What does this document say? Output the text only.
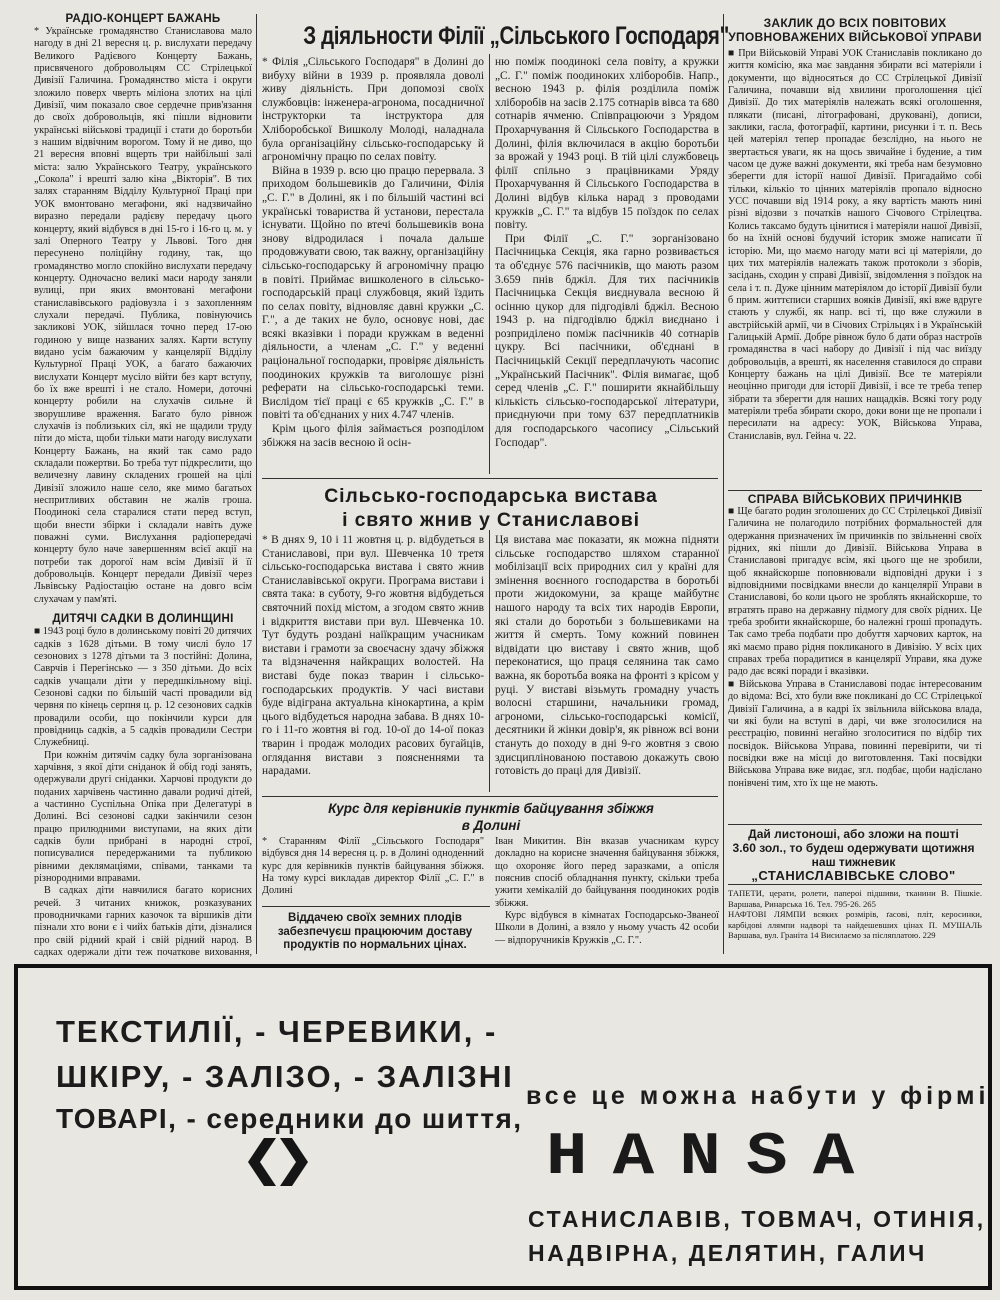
РАДІО-КОНЦЕРТ БАЖАНЬ

* Українське громадянство Станиславова мало нагоду в дні 21 вересня ц. р. вислухати передачу Великого Радієвого Концерту Бажань, присвяченого добровольцям СС Стрілецької Дивізії Галичина. Громадянство міста і округи зложило поверх чверть міліона злотих на цілі Дивізії, чим показало свое сердечне прив'язання до своїх добровольців, які пішли відновити українські військові традиції і стати до боротьби з нашим відвічним ворогом. Тому й не диво, що 21 вересня вповні вщерть три найбільші залі міста: залю Українського Театру, українського „Сокола" і врешті залю кіна „Вікторія". В тих залях старанням Відділу Культурної Праці при УОК вмонтовано мегафони, які надзвичайно виразно передали радієву передачу цього концерту, який відбувся в дні 15-го і 16-го ц. м. у залі Оперного Театру у Львові. Того дня пересунено поліційну годину, так, що громадянство могло спокійно вислухати передачу концерту. Одночасно великі маси народу заняли вулиці, при яких вмонтовані мегафони станиславівського радіовузла і з захопленням слухали передачі. Публика, повінуючись закликові УОК, зійшлася точно перед 17-ою годиною у вище названих залях. Карти вступу видано усім бажаючим у канцелярії Відділу Культурної Праці УОК, а багато бажаючих вислухати Концерт мусіло війти без карт вступу, бо їх вже врешті і не стало. Номери, доточні концерту робили на слухачів сильне й зворушливе враження. Багато було рівнож слухачів із поблизьких сіл, які не щадили труду піти до міста, щоби тільки мати нагоду вислухати Концерту Бажань, на який так само радо складали пожертви. Бо треба тут підкреслити, що величезну лавину складених грошей на цілі Дивізії зложило наше село, яке мимо багатьох неспритливих обставин не жалів гроша. Поодинокі села старалися стати перед вступ, щоби внести збірки і складали навіть дуже поважні суми. Вислухання радіопередачі концерту було наче завершенням всієї акції на потреби так дорогої нам всім Дивізії й її добровольців. Концерт передали Дивізії через Львівську Радіостацію остане на довго всім слухачам у пам'яті.

ДИТЯЧІ САДКИ В ДОЛИНЩИНІ

■ 1943 році було в долинському повіті 20 дитячих садків з 1628 дітьми. В тому числі було 17 сезонових з 1278 дітьми та 3 постійні: Долина, Саврчів і Перегінсько — з 350 дітьми. До всіх садків учащали діти у передшкільному віці. Сезонові садки по більшій часті провадили від червня по кінець серпня ц. р. 12 сезонових садків провадили особи, що покінчили курси для провідниць садків, а 5 садків провадили Сестри Служебниці.

При кожнім дитячім садку була зорганізована харчівня, з якої діти сніданок й обід годі занять, одержували другі сніданки. Харчові продукти до поданих харчівень частинно давали родичі дітей, а частинно Суспільна Опіка при Делегатурі в Долині. Всі сезонові садки закінчили сезон працю прилюдними виступами, на яких діти садків були прибрані в народні строї, пописувалися передержаними та публикою рівними деклямаціями, співами, танками та різнородними вправами.

В садках діти навчилися багато корисних речей. З читаних книжок, розказуваних проводничками гарних казочок та віршиків діти пізнали хто вони є і чийх батьків діти, дізналися про свій рідний край і свій рідний народ. В садках одержали діти теж початкове виховання,

З діяльности Філії „Сільського Господаря"

* Філія „Сільського Господаря" в Долині до вибуху війни в 1939 р. проявляла доволі живу діяльність. При допомозі своїх службовців: інженера-агронома, посадничної інструкторки та інструктора для Хліборобської Вишколу Молоді, наладнала була організаційну сільсько-господарську й агрономічну працю по селах повіту.

Війна в 1939 р. всю цю працю перервала. З приходом большевиків до Галичини, Філія „С. Г." в Долині, як і по більшій частині всі українські товариства й установи, перестала існувати. Щойно по втечі большевиків вона знову відродилася і почала дальше продовжувати свою, так важну, організаційну сільсько-господарську й агрономічну працю в повіті. Приймає вишколеного в сільсько-господарській праці службовця, який їздить по селах повіту, відновляє давні кружки „С. Г.", а де таких не було, основує нові, дає всякі вказівки і поради кружкам в веденні діяльности, а членам „С. Г." у веденні раціональної господарки, провіряє діяльність поодиноких кружків та виголошує різні реферати на сільсько-господарські теми. Вислідом тієї праці є 65 кружків „С. Г." в повіті та об'єднаних у них 4.747 членів.

Крім цього філія займається розподілом збіжжя на засів весною й осін-

ню поміж поодинокі села повіту, а кружки „С. Г." поміж поодиноких хліборобів. Напр., весною 1943 р. філія розділила поміж хліборобів на засів 2.175 сотнарів вівса та 680 сотнарів ячменю. Співпрацюючи з Урядом Прохарчування й Сільського Господарства в Долині, філія включилася в акцію боротьби за врожай у 1943 році. В тій цілі службовець філії спільно з працівниками Уряду Прохарчування й Сільського Господарства в Долині відбув кілька нарад з проводами кружків „С. Г." та відбув 15 поїздок по селах повіту.

При Філії „С. Г." зорганізовано Пасічницька Секція, яка гарно розвивається та об'єднує 576 пасічників, що мають разом 3.659 пнів бджіл. Для тих пасічників Пасічницька Секція виєднувала весною й осінню цукор для підгодівлі бджіл. Весною 1943 р. на підгодівлю бджіл виєднано і розприділено поміж пасічників 40 сотнарів цукру. Всі пасічники, об'єднані в Пасічницькій Секції передплачують часопис „Український Пасічник". Філія вимагає, щоб серед членів „С. Г." поширити якнайбільшу кількість сільсько-господарської літератури, приєднуючи при тому 637 передплатників для господарського часопису „Сільський Господар".

Сільсько-господарська вистава
і свято жнив у Станиславові

* В днях 9, 10 і 11 жовтня ц. р. відбудеться в Станиславові, при вул. Шевченка 10 третя сільсько-господарська вистава і свято жнив Станиславівської округи. Програма вистави і свята така: в суботу, 9-го жовтня відбудеться святочний похід містом, а згодом свято жнив і відкриття вистави при вул. Шевченка 10. Тут будуть роздані наіїкращим учасникам вистави і грамоти за своєчасну здачу збіжжя та відзначення найкращих волостей. На виставі буде показ тварин і сільсько-господарських продуктів. У часі вистави буде відіграна актуальна кінокартина, а крім цього відбудеться народна забава. В днях 10-го і 11-го жовтня ві год. 10-ої до 14-ої показ тварин і продаж молодих расових бугайців, оглядання вистави з поясненнями та нарадами.

Ця вистава має показати, як можна підняти сільське господарство шляхом старанної мобілізації всіх природних сил у країні для змінення воєнного господарства в боротьбі проти жидокомуни, за краще майбутнє нашого народу та всіх тих народів Европи, які стали до боротьби з большевиками на життя й смерть. Тому кожний повинен відвідати цю виставу і свято жнив, щоб переконатися, що праця селянина так само важна, як боротьба вояка на фронті з крісом у руці. У виставі візьмуть громадну участь волосні старшини, начальники громад, агрономи, сільсько-господарські комісії, десятники й жінки довір'я, як рівнож всі вони стануть до походу в дні 9-го жовтня з свою здисциплінованою поставою докажуть свою готовість до праці для Дивізії.

Курс для керівників пунктів байцування збіжжя
в Долині

* Старанням Філії „Сільського Господаря" відбувся дня 14 вересня ц. р. в Долині одноденний курс для керівників пунктів байцування збіжжя. На тому курсі викладав директор Філії „С. Г." в Долині

Іван Микитин. Він вказав учасникам курсу докладно на корисне значення байцування збіжжя, що охороняє його перед заразками, а опісля пояснив спосіб обладнання пункту, скільки треба ужити хемікалій до байцування поодиноких родів збіжжя.

Курс відбувся в кімнатах Господарсько-Званеої Школи в Долині, а взяло у ньому участь 42 особи — відпоручників Кружків „С. Г.".

Віддачею своїх земних плодів забезпечуєш працюючим доставу продуктів по нормальних цінах.

ЗАКЛИК ДО ВСІХ ПОВІТОВИХ УПОВНОВАЖЕНИХ ВІЙСЬКОВОЇ УПРАВИ

■ При Військовій Управі УОК Станиславів покликано до життя комісію, яка має завдання збирати всі матеріяли і документи, що відносяться до СС Стрілецької Дивізії Галичина, почавши від хвилини проголошення цієї Дивізії. До тих матеріялів належать всякі оголошення, плякати (писані, літографовані, друковані), дописи, заклики, гасла, фотографії, картини, рисунки і т. п. Весь цей матеріял тепер пропадає безслідно, на нього не звертається уваги, як на щось звичайне і будение, а тим часом це дуже важні документи, які треба нам безумовно зберегти для історії нашої Дивізії. Пригадаймо собі тільки, кількіо то цінних матеріялів пропало відносно УСС почавши від 1914 року, а яку вартість мають нині різні відозви з початків нашого Січового Стрілецтва. Колись таксамо будуть цінитися і матеріяли нашої Дивізії, бо на їхній основі будучий історик зможе написати її історію. Ми, що маємо нагоду мати всі ці матеріяли, до цих тих матеріялів належать також протоколи з зборів, засідань, сходин у справі Дивізії, звідомлення з поїздок на села і т. п. Дуже цінним матеріялом до історії Дивізії були б прим. життєписи старших вояків Дивізії, які вже вдруге стають у службі, як напр. всі ті, що вже служили в австрійській армії, чи в Січових Стрільцях і в Українській Галицькій Армії. Добре рівнож було б дати образ настроїв громадянства в часі набору до Дивізії і під час виїзду добровольців, а врешті, як населення ставилося до справи Концерту бажань на цілі Дивізії. Все те матеріяли неоцінно пригоди для історії Дивізії, і все те треба тепер зібрати та зберегти для наших нащадків. Всякі тогу роду матеріяли треба збирати скоро, доки вони ще не пропали і пересилати на адресу: УОК, Військова Управа, Станиславів, вул. Гейна ч. 22.

СПРАВА ВІЙСЬКОВИХ ПРИЧИНКІВ

■ Ще багато родин зголошених до СС Стрілецької Дивізії Галичина не полагодило потрібних формальностей для одержання призначених їм причинків по звільненні своїх рідних, які пішли до Дивізії. Військова Управа в Станиславові пригадує всім, які цього ще не зробили, щоб якнайскорше поповнювали відповідні друки і з відповідними посвідками внесли до канцелярії Управи в Станиславові, бо коли цього не зроблять якнайскорше, то втратять право на державну підмогу для своїх рідних. Це треба зробити якнайскорше, бо належні гроші пропадуть. Так само треба подбати про добуття харчових карток, на які маємо право рідня покликаного в Дивізію. У всіх цих справах треба порадитися в канцелярії Управи, яка дуже радо дає всякі поради і вказівки.

■ Військова Управа в Станиславові подає інтересованим до відома: Всі, хто були вже покликані до СС Стрілецької Дивізії Галичина, а в кадрі їх звільнила військова влада, чи які були на вступі в дарі, чи вже зголосилися на реєстрацію, повинні негайно зголоситися по відбір тих посвідок. Військова Управа, повинні перевірити, чи ті посвідки вже на місці до виготовлення. Такі посвідки Військова Управа вже видає, згл. подбає, щоби надіслано понівчені тим, хто їх ще не мають.

Дай листоноші, або зложи на пошті
3.60 зол., то будеш одержувати щотижня наш тижневик
„СТАНИСЛАВІВСЬКЕ СЛОВО"

ТАПЕТИ, церати, ролети, папероі підшиви, тканини В. Пішкіе. Варшава, Ринарська 16. Тел. 795-26. 265

НАФТОВІ ЛЯМПИ всяких розмірів, ґасові, пліт, керосинки, карбідові ллямпи надворі та найдешевших цінах П. МУШАЛЬ Варшава, вул. Граніта 14 Висилаємо за післяплатою. 229

ТЕКСТИЛІЇ, - ЧЕРЕВИКИ, -
ШКІРУ, - ЗАЛІЗО, - ЗАЛІЗНІ
ТОВАРІ, - середники до шиття,
все це можна набути у фірмі
HANSA
СТАНИСЛАВІВ, ТОВМАЧ, ОТИНІЯ,
НАДВІРНА, ДЕЛЯТИН, ГАЛИЧ
